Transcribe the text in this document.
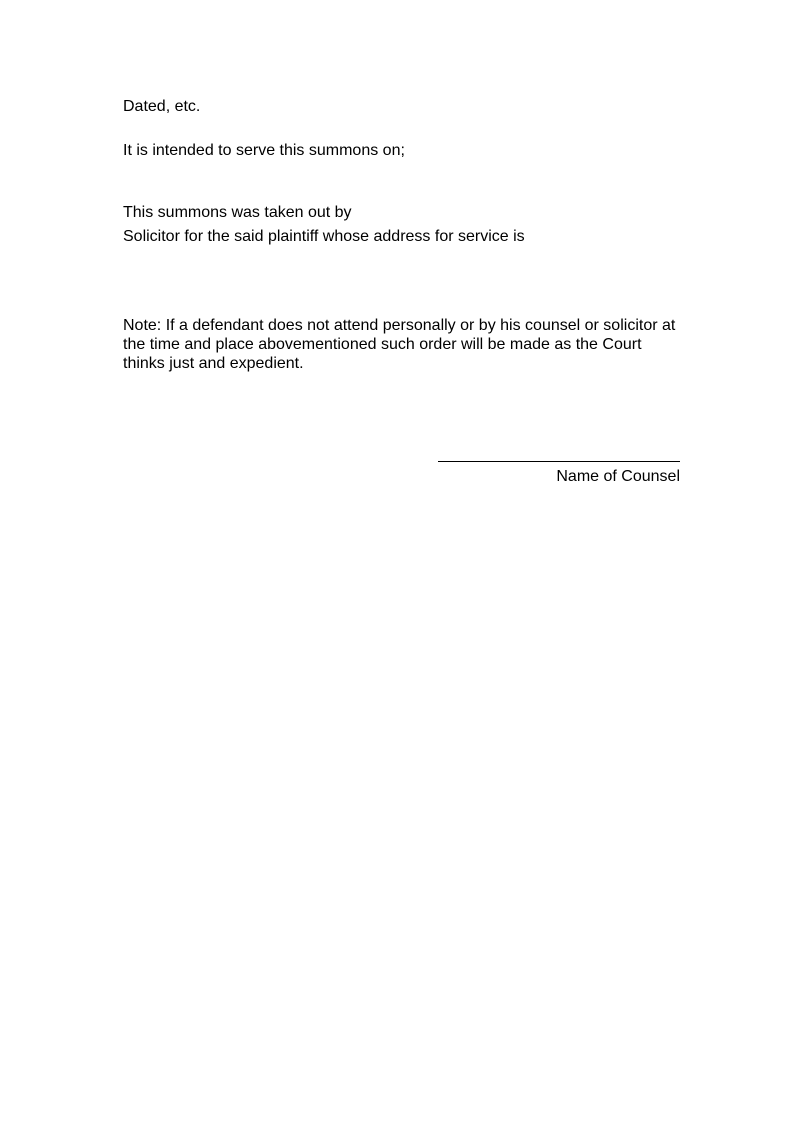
Dated, etc.
It is intended to serve this summons on;
This summons was taken out by
Solicitor for the said plaintiff whose address for service is
Note: If a defendant does not attend personally or by his counsel or solicitor at
the time and place abovementioned such order will be made as the Court
thinks just and expedient.
Name of Counsel
